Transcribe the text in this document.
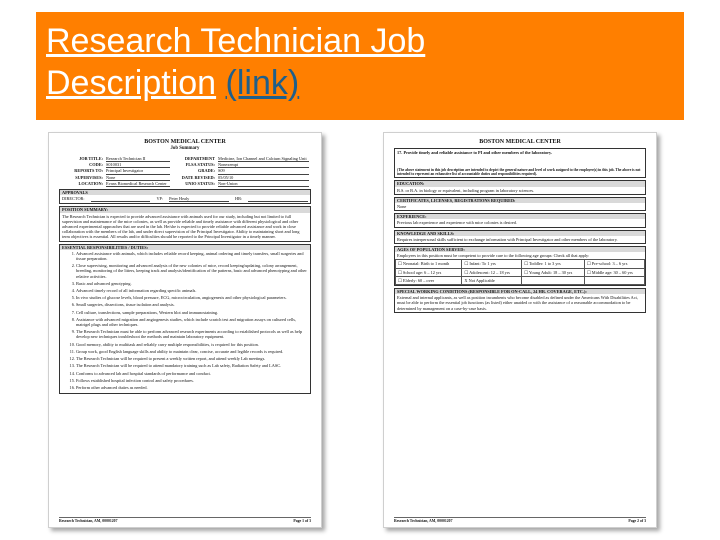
Research Technician Job
Description (link)
BOSTON MEDICAL CENTER
Job Summary
JOB TITLE: Research Technician II	DEPARTMENT Medicine, Ion Channel and Calcium Signaling Unit
CODE: S010031	FLSA STATUS: Nonexempt
REPORTS TO: Principal Investigator	GRADE: S09
SUPERVISES: None	DATE REVISED: 05/05/10
LOCATION: Evans Biomedical Research Center	UNIO STATUS: Non-Union
APPROVALS
DIRECTOR:	VP: Peter Healy	HR:
POSITION SUMMARY:
The Research Technician is expected to provide advanced assistance with animals used for our study, including but not limited to full supervision and maintenance of the mice colonies, as well as provide reliable and timely assistance with different physiological and other advanced experimental approaches that are used in the lab. He/she is expected to provide reliable advanced assistance and work in close collaboration with the members of the lab, and under direct supervision of the Principal Investigator. Ability to maintaining short and long term objectives is essential. All results and/or difficulties should be reported to the Principal Investigator in a timely manner.
ESSENTIAL RESPONSIBILITIES / DUTIES:
1. Advanced assistance with animals, which includes reliable record keeping, animal ordering and timely transfers, small surgeries and tissue preparation.
2. Close supervising, monitoring and advanced analysis of the new colonies of mice, record keeping/updating, colony arrangement, breeding, monitoring of the litters, keeping track and analysis/identification of the patterns, basic and advanced phenotyping and other relative activities.
3. Basic and advanced genotyping.
4. Advanced timely record of all information regarding specific animals.
5. In vivo studies of glucose levels, blood pressure, ECG, microcirculation, angiogenesis and other physiological parameters.
6. Small surgeries, dissections, tissue isolation and analysis.
7. Cell culture, transfections, sample preparations, Western blot and immunostaining.
8. Assistance with advanced migration and angiogenesis studies, which include scratch test and migration assays on cultured cells, matrigel plugs and other techniques.
9. The Research Technician must be able to perform advanced research experiments according to established protocols as well as help develop new techniques troubleshoot the methods and maintain laboratory equipment.
10. Good memory, ability to multitask and reliably carry multiple responsibilities, is required for this position.
11. Group work, good English language skills and ability to maintain clear, concise, accurate and legible records is required.
12. The Research Technician will be required to present a weekly written report, and attend weekly Lab meetings.
13. The Research Technician will be required to attend mandatory training such as Lab safety, Radiation Safety and LASC.
14. Conforms to advanced lab and hospital standards of performance and conduct.
15. Follows established hospital infection control and safety procedures.
16. Perform other advanced duties as needed.
Research Technician, AM, 00001207	Page 1 of 3
BOSTON MEDICAL CENTER
17. Provide timely and reliable assistance to PI and other members of the laboratory.
(The above statement in this job description are intended to depict the general nature and level of work assigned to the employee(s) in this job. The above is not intended to represent an exhaustive list of accountable duties and responsibilities required).
EDUCATION:
B.S. or B.A. in biology or equivalent, including program in laboratory sciences.
CERTIFICATES, LICENSES, REGISTRATIONS REQUIRED:
None
EXPERIENCE:
Previous lab experience and experience with mice colonies is desired.
KNOWLEDGE AND SKILLS:
Requires interpersonal skills sufficient to exchange information with Principal Investigator and other members of the laboratory.
AGES OF POPULATION SERVED:
Employees in this position must be competent to provide care to the following age groups: Check all that apply:
☐ Neonatal: Birth to 1 month	☐ Infant: To 1 yrs	☐ Toddler: 1 to 3 yrs	☐ Pre-school: 3 – 6 yrs
☐ School age: 6 – 12 yrs	☐ Adolescent: 12 – 18 yrs	☐ Young Adult: 18 – 30 yrs	☐ Middle age: 30 – 60 yrs
☐ Elderly: 60 – over	X Not Applicable		
SPECIAL WORKING CONDITIONS (RESPONSIBLE FOR ON-CALL, 24 HR. COVERAGE, ETC.):
External and internal applicants, as well as position incumbents who become disabled as defined under the Americans With Disabilities Act, must be able to perform the essential job functions (as listed) either unaided or with the assistance of a reasonable accommodation to be determined by management on a case-by-case basis.
Research Technician, AM, 00001207	Page 2 of 3
